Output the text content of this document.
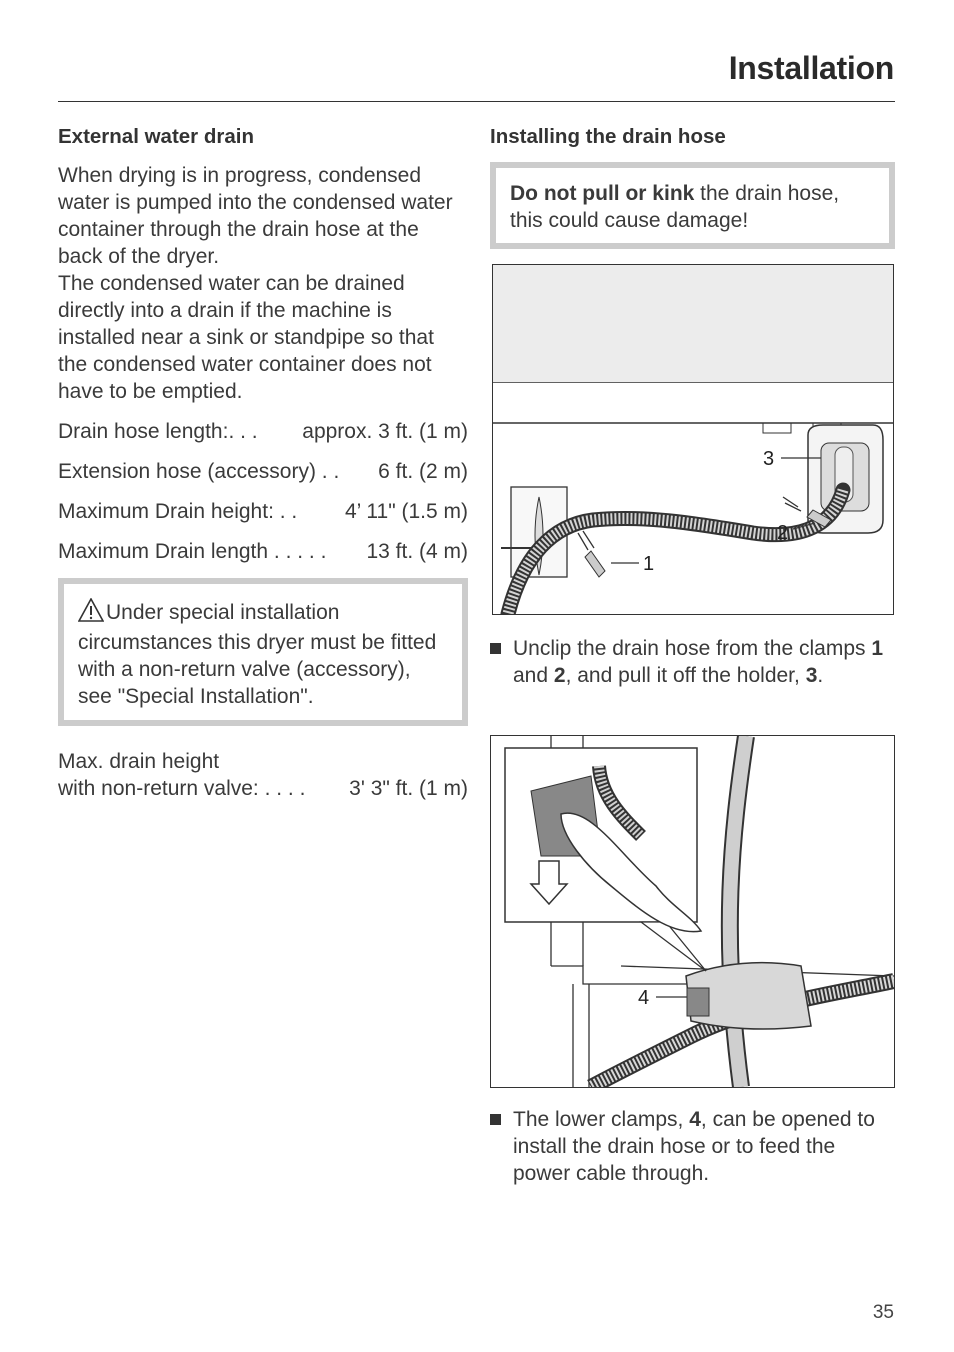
Installation
External water drain

When drying is in progress, condensed water is pumped into the condensed water container through the drain hose at the back of the dryer.

The condensed water can be drained directly into a drain if the machine is installed near a sink or standpipe so that the condensed water container does not have to be emptied.

Drain hose length:. . . approx. 3 ft. (1 m)
Extension hose (accessory) . . 6 ft. (2 m)
Maximum Drain height: . . 4’ 11" (1.5 m)
Maximum Drain length . . . . . 13 ft. (4 m)
Under special installation circumstances this dryer must be fitted with a non-return valve (accessory), see "Special Installation".

Max. drain height

with non-return valve: . . . . 3' 3" ft. (1 m)
Installing the drain hose
Do not pull or kink the drain hose, this could cause damage!
1
2
3
Unclip the drain hose from the clamps 1 and 2, and pull it off the holder, 3.
4
The lower clamps, 4, can be opened to install the drain hose or to feed the power cable through.
35
